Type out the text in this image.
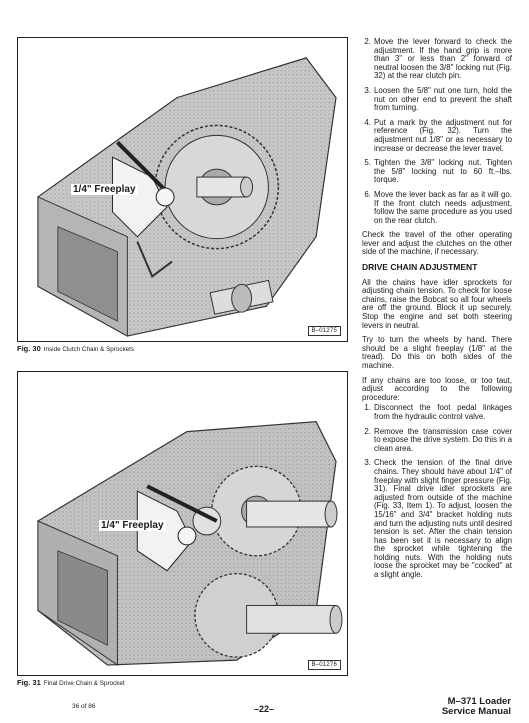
1/4" Freeplay
B–01275
Fig. 30 Inside Clutch Chain & Sprockets
1/4" Freeplay
B–01276
Fig. 31 Final Drive Chain & Sprocket
2. Move the lever forward to check the adjustment. If the hand grip is more than 3" or less than 2" forward of neutral loosen the 3/8" locking nut (Fig. 32) at the rear clutch pin.
3. Loosen the 5/8" nut one turn, hold the nut on other end to prevent the shaft from turning.
4. Put a mark by the adjustment nut for reference (Fig. 32). Turn the adjustment nut 1/8" or as necessary to increase or decrease the lever travel.
5. Tighten the 3/8" locking nut. Tighten the 5/8" locking nut to 60 ft.–lbs. torque.
6. Move the lever back as far as it will go. If the front clutch needs adjustment, follow the same procedure as you used on the rear clutch.

Check the travel of the other operating lever and adjust the clutches on the other side of the machine, if necessary.

DRIVE CHAIN ADJUSTMENT

All the chains have idler sprockets for adjusting chain tension. To check for loose chains, raise the Bobcat so all four wheels are off the ground. Block it up securely. Stop the engine and set both steering levers in neutral.

Try to turn the wheels by hand. There should be a slight freeplay (1/8" at the tread). Do this on both sides of the machine.

If any chains are too loose, or too taut, adjust according to the following procedure:

1. Disconnect the foot pedal linkages from the hydraulic control valve.
2. Remove the transmission case cover to expose the drive system. Do this in a clean area.
3. Check the tension of the final drive chains. They should have about 1/4" of freeplay with slight finger pressure (Fig. 31). Final drive idler sprockets are adjusted from outside of the machine (Fig. 33, Item 1). To adjust, loosen the 15/16" and 3/4" bracket holding nuts and turn the adjusting nuts until desired tension is set. After the chain tension has been set it is necessary to align the sprocket while tightening the holding nuts. With the holding nuts loose the sprocket may be "cocked" at a slight angle.
36 of 86	–22–
M–371 Loader
Service Manual
